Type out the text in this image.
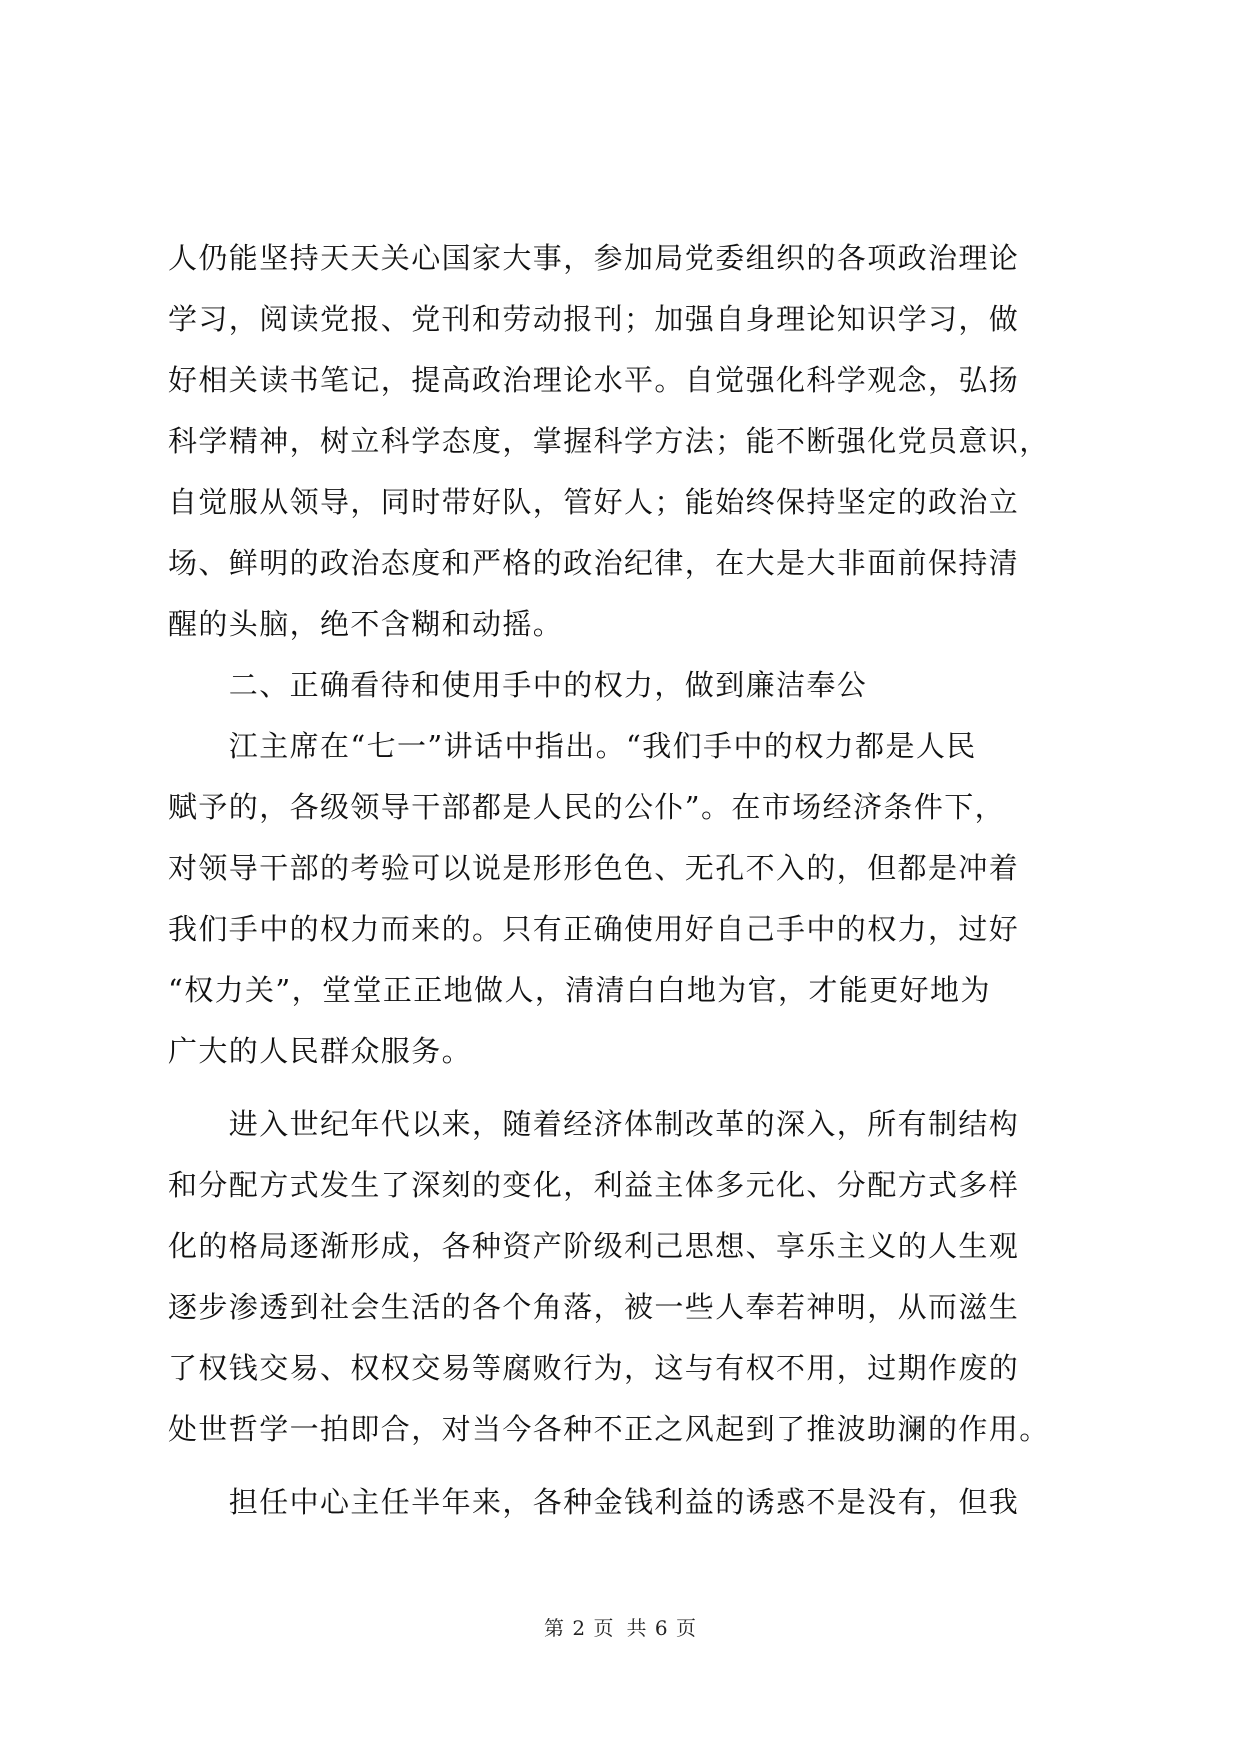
人仍能坚持天天关心国家大事，参加局党委组织的各项政治理论
学习，阅读党报、党刊和劳动报刊；加强自身理论知识学习，做
好相关读书笔记，提高政治理论水平。自觉强化科学观念，弘扬
科学精神，树立科学态度，掌握科学方法；能不断强化党员意识，
自觉服从领导，同时带好队，管好人；能始终保持坚定的政治立
场、鲜明的政治态度和严格的政治纪律，在大是大非面前保持清
醒的头脑，绝不含糊和动摇。
　　二、正确看待和使用手中的权力，做到廉洁奉公
　　江主席在“七一”讲话中指出。“我们手中的权力都是人民
赋予的，各级领导干部都是人民的公仆”。在市场经济条件下，
对领导干部的考验可以说是形形色色、无孔不入的，但都是冲着
我们手中的权力而来的。只有正确使用好自己手中的权力，过好
“权力关”，堂堂正正地做人，清清白白地为官，才能更好地为
广大的人民群众服务。
　　进入世纪年代以来，随着经济体制改革的深入，所有制结构
和分配方式发生了深刻的变化，利益主体多元化、分配方式多样
化的格局逐渐形成，各种资产阶级利己思想、享乐主义的人生观
逐步渗透到社会生活的各个角落，被一些人奉若神明，从而滋生
了权钱交易、权权交易等腐败行为，这与有权不用，过期作废的
处世哲学一拍即合，对当今各种不正之风起到了推波助澜的作用。
　　担任中心主任半年来，各种金钱利益的诱惑不是没有，但我
第 2 页 共 6 页
